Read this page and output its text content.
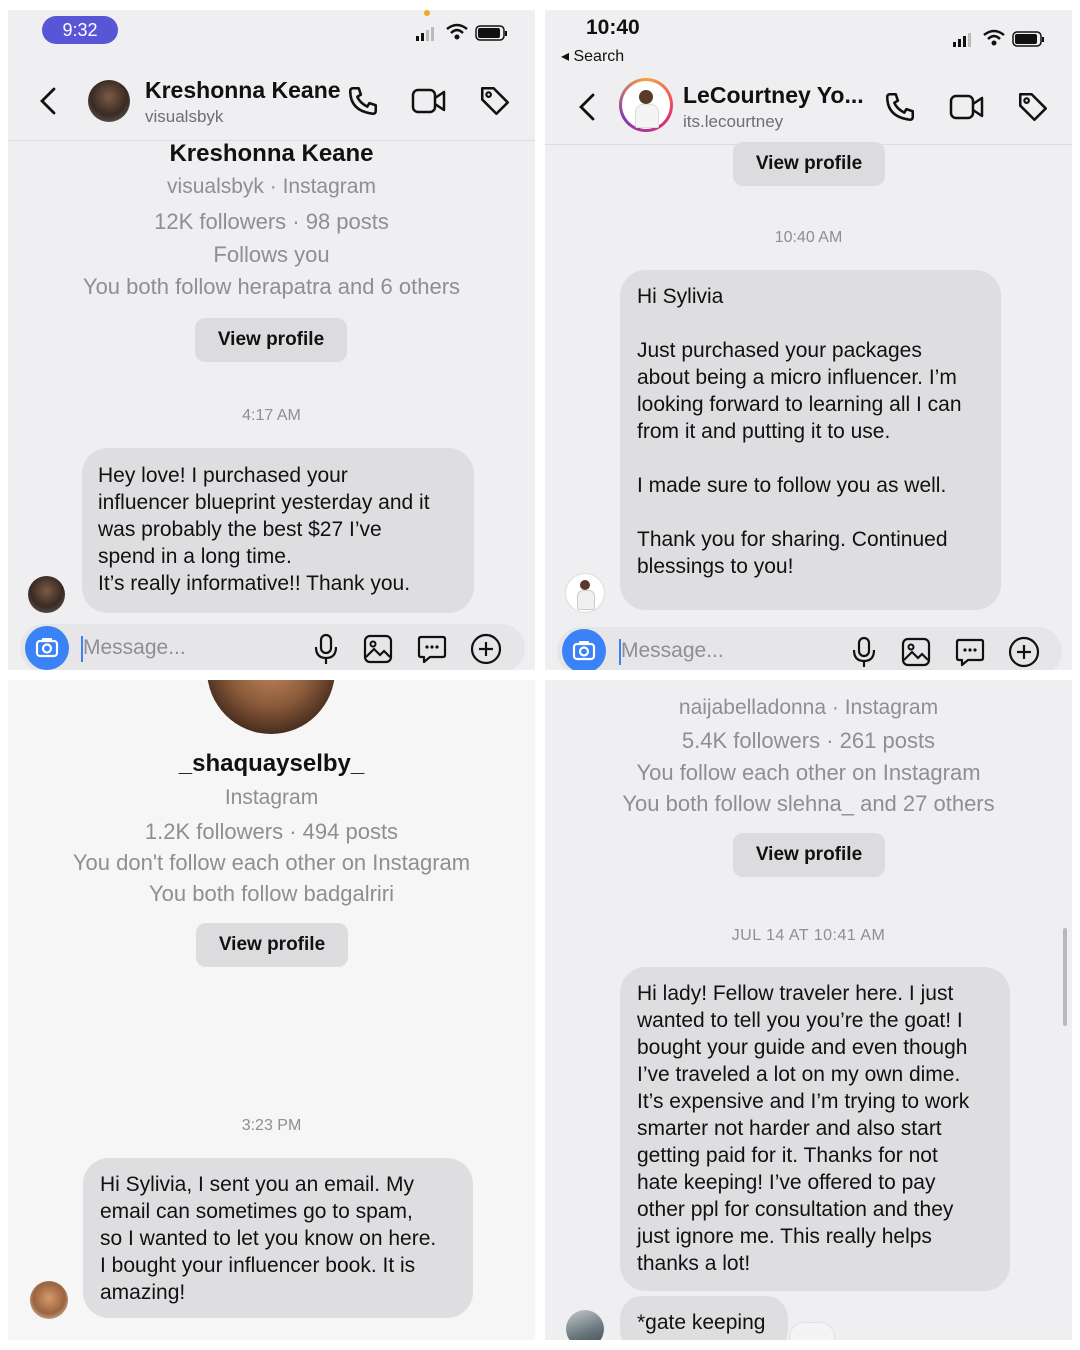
9:32
Kreshonna Keane
visualsbyk
Kreshonna Keane
visualsbyk · Instagram
12K followers · 98 posts
Follows you
You both follow herapatra and 6 others
View profile
4:17 AM
Hey love! I purchased your
influencer blueprint yesterday and it
was probably the best $27 I’ve
spend in a long time.
It’s really informative!! Thank you.
Message...
10:40
◂ Search
LeCourtney Yo...
its.lecourtney
View profile
10:40 AM
Hi Sylivia

Just purchased your packages
about being a micro influencer. I’m
looking forward to learning all I can
from it and putting it to use.

I made sure to follow you as well.

Thank you for sharing. Continued
blessings to you!
Message...
_shaquayselby_
Instagram
1.2K followers · 494 posts
You don't follow each other on Instagram
You both follow badgalriri
View profile
3:23 PM
Hi Sylivia, I sent you an email. My
email can sometimes go to spam,
so I wanted to let you know on here.
I bought your influencer book. It is
amazing!
naijabelladonna · Instagram
5.4K followers · 261 posts
You follow each other on Instagram
You both follow slehna_ and 27 others
View profile
JUL 14 AT 10:41 AM
Hi lady! Fellow traveler here. I just
wanted to tell you you’re the goat! I
bought your guide and even though
I’ve traveled a lot on my own dime.
It’s expensive and I’m trying to work
smarter not harder and also start
getting paid for it. Thanks for not
hate keeping! I’ve offered to pay
other ppl for consultation and they
just ignore me. This really helps
thanks a lot!
*gate keeping
